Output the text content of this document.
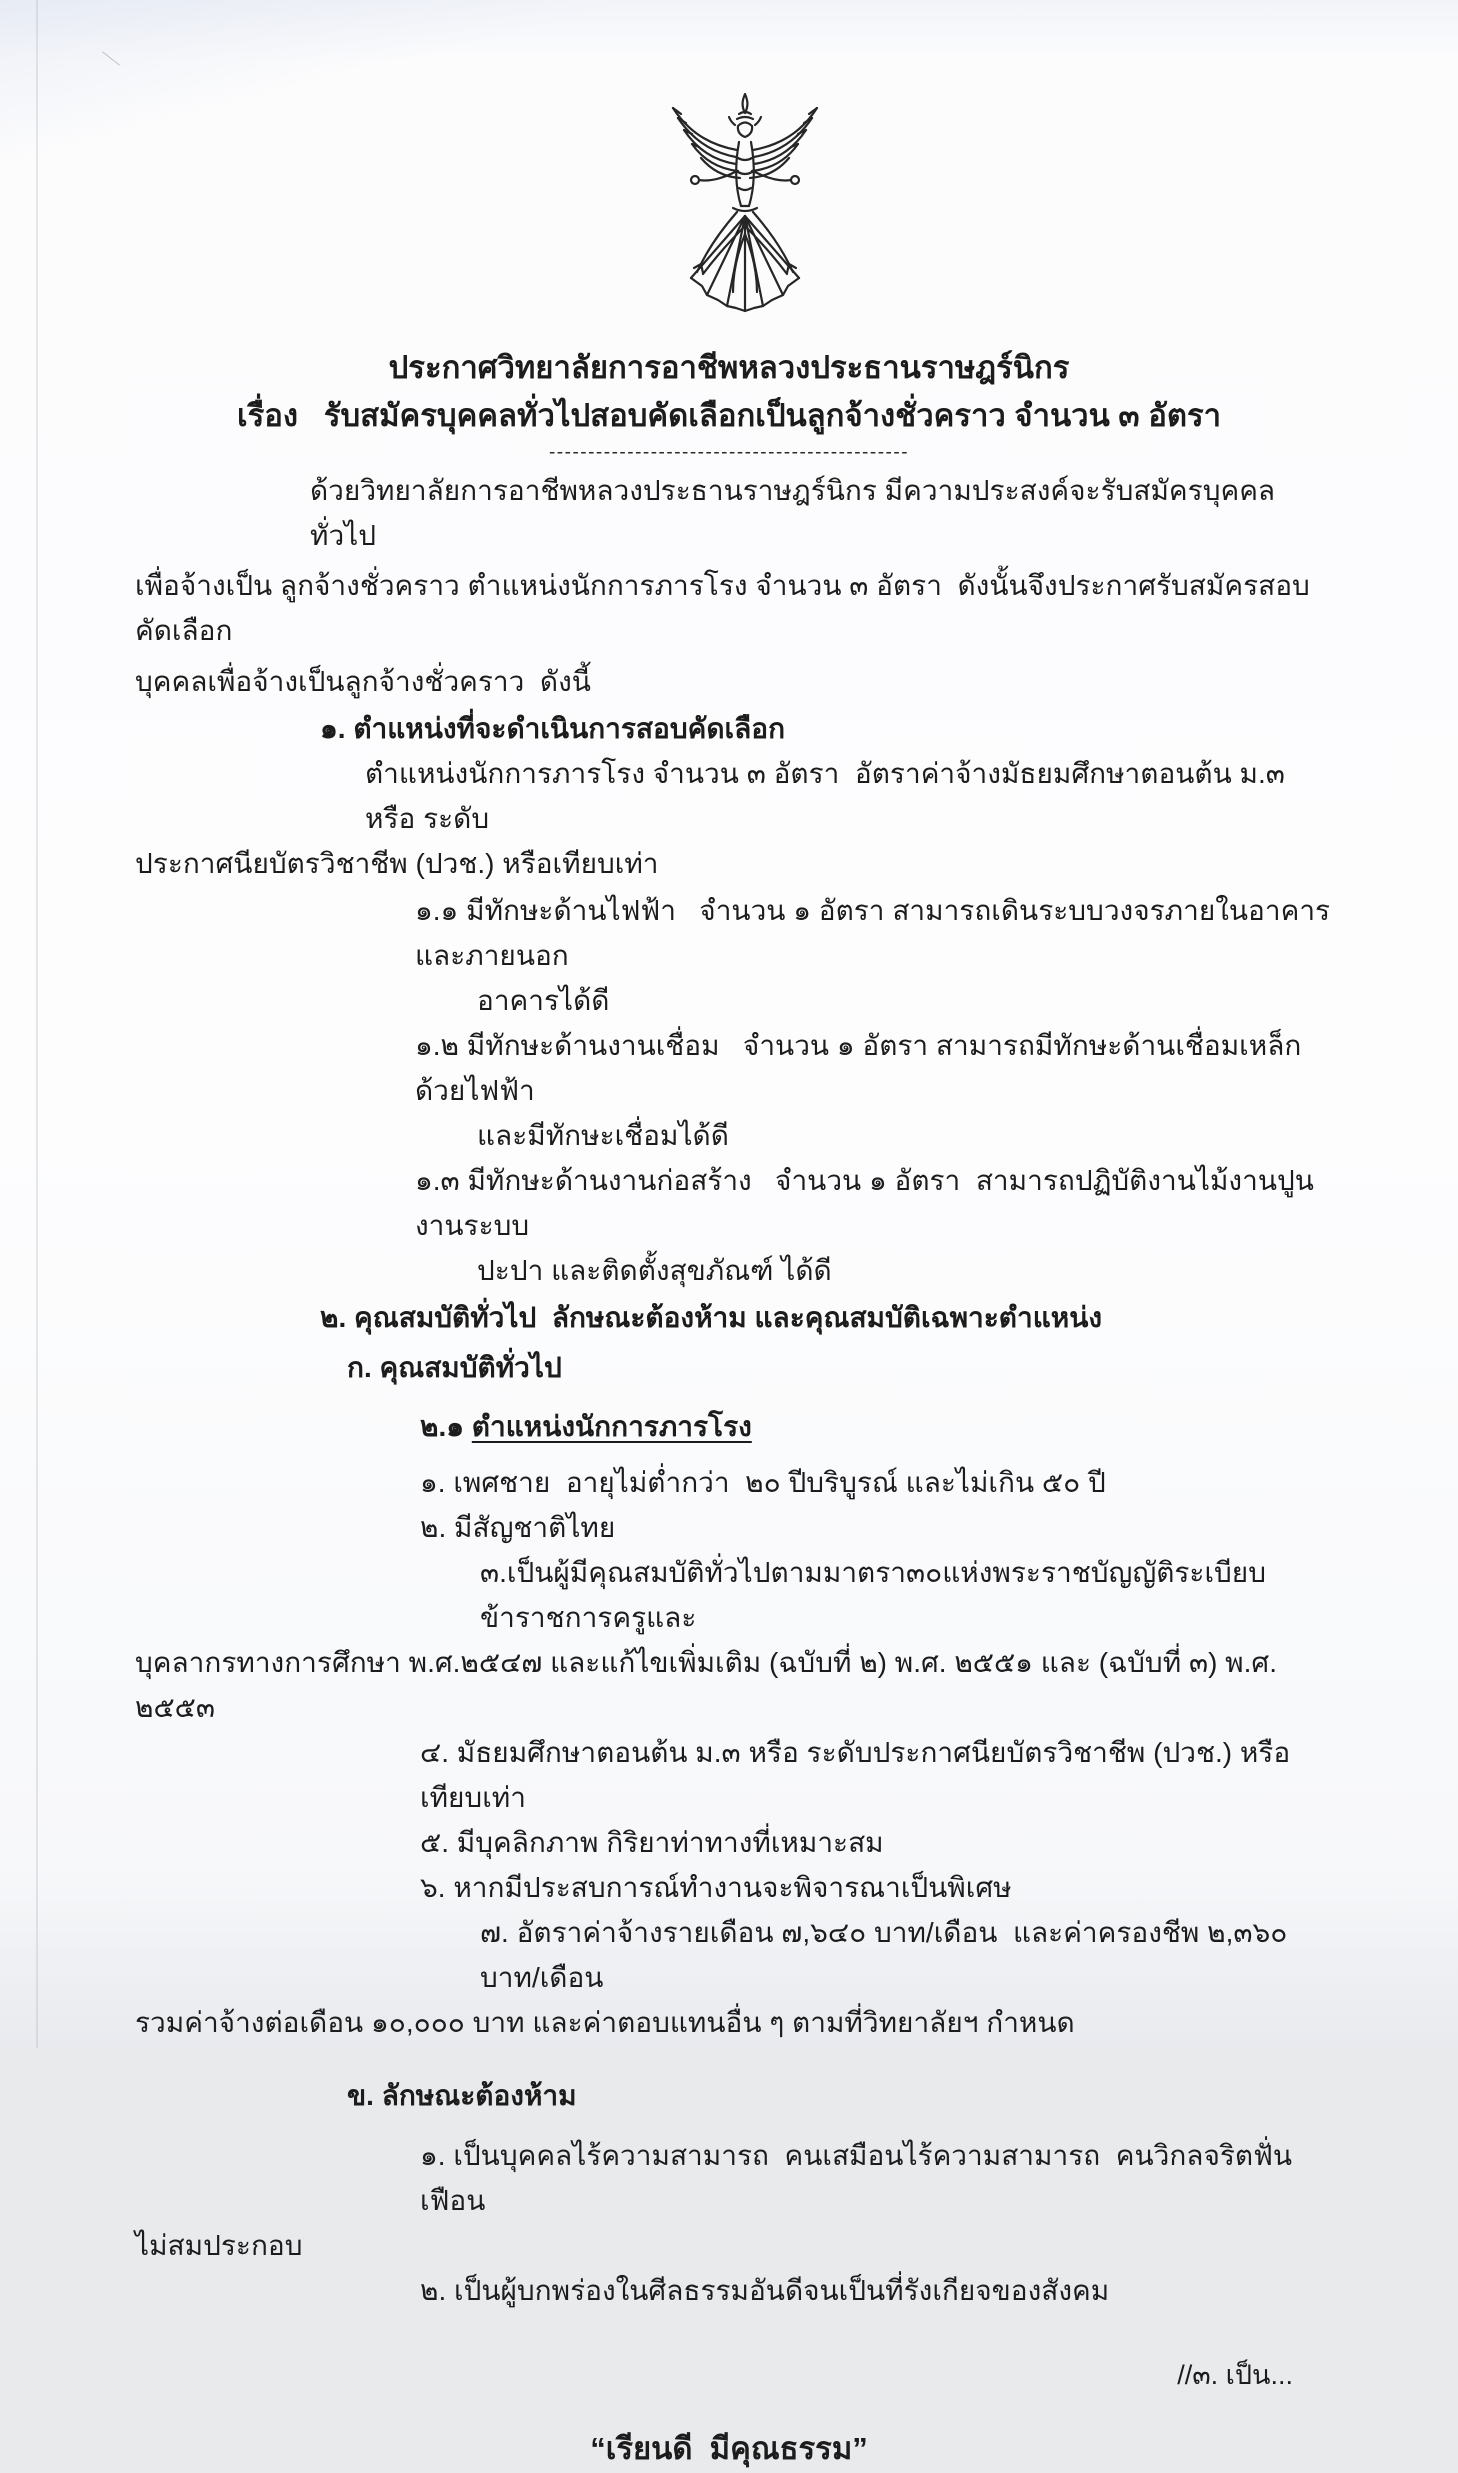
ประกาศวิทยาลัยการอาชีพหลวงประธานราษฎร์นิกร
เรื่อง   รับสมัครบุคคลทั่วไปสอบคัดเลือกเป็นลูกจ้างชั่วคราว จำนวน ๓ อัตรา
----------------------------------------------
ด้วยวิทยาลัยการอาชีพหลวงประธานราษฎร์นิกร มีความประสงค์จะรับสมัครบุคคลทั่วไป
เพื่อจ้างเป็น ลูกจ้างชั่วคราว ตำแหน่งนักการภารโรง จำนวน ๓ อัตรา  ดังนั้นจึงประกาศรับสมัครสอบคัดเลือก
บุคคลเพื่อจ้างเป็นลูกจ้างชั่วคราว  ดังนี้
๑. ตำแหน่งที่จะดำเนินการสอบคัดเลือก
ตำแหน่งนักการภารโรง จำนวน ๓ อัตรา  อัตราค่าจ้างมัธยมศึกษาตอนต้น ม.๓ หรือ ระดับ
ประกาศนียบัตรวิชาชีพ (ปวช.) หรือเทียบเท่า
๑.๑ มีทักษะด้านไฟฟ้า   จำนวน ๑ อัตรา สามารถเดินระบบวงจรภายในอาคาร และภายนอก
อาคารได้ดี
๑.๒ มีทักษะด้านงานเชื่อม   จำนวน ๑ อัตรา สามารถมีทักษะด้านเชื่อมเหล็กด้วยไฟฟ้า
และมีทักษะเชื่อมได้ดี
๑.๓ มีทักษะด้านงานก่อสร้าง   จำนวน ๑ อัตรา  สามารถปฏิบัติงานไม้งานปูน งานระบบ
ปะปา และติดตั้งสุขภัณฑ์ ได้ดี
๒. คุณสมบัติทั่วไป  ลักษณะต้องห้าม และคุณสมบัติเฉพาะตำแหน่ง
ก. คุณสมบัติทั่วไป
๒.๑ ตำแหน่งนักการภารโรง
๑. เพศชาย  อายุไม่ต่ำกว่า  ๒๐ ปีบริบูรณ์ และไม่เกิน ๕๐ ปี
๒. มีสัญชาติไทย
๓.เป็นผู้มีคุณสมบัติทั่วไปตามมาตรา๓๐แห่งพระราชบัญญัติระเบียบข้าราชการครูและ
บุคลากรทางการศึกษา พ.ศ.๒๕๔๗ และแก้ไขเพิ่มเติม (ฉบับที่ ๒) พ.ศ. ๒๕๕๑ และ (ฉบับที่ ๓) พ.ศ. ๒๕๕๓
๔. มัธยมศึกษาตอนต้น ม.๓ หรือ ระดับประกาศนียบัตรวิชาชีพ (ปวช.) หรือเทียบเท่า
๕. มีบุคลิกภาพ กิริยาท่าทางที่เหมาะสม
๖. หากมีประสบการณ์ทำงานจะพิจารณาเป็นพิเศษ
๗. อัตราค่าจ้างรายเดือน ๗,๖๔๐ บาท/เดือน  และค่าครองชีพ ๒,๓๖๐ บาท/เดือน
รวมค่าจ้างต่อเดือน ๑๐,๐๐๐ บาท และค่าตอบแทนอื่น ๆ ตามที่วิทยาลัยฯ กำหนด
ข. ลักษณะต้องห้าม
๑. เป็นบุคคลไร้ความสามารถ  คนเสมือนไร้ความสามารถ  คนวิกลจริตฟั่นเฟือน
ไม่สมประกอบ
๒. เป็นผู้บกพร่องในศีลธรรมอันดีจนเป็นที่รังเกียจของสังคม
//๓. เป็น...
“เรียนดี  มีคุณธรรม”
